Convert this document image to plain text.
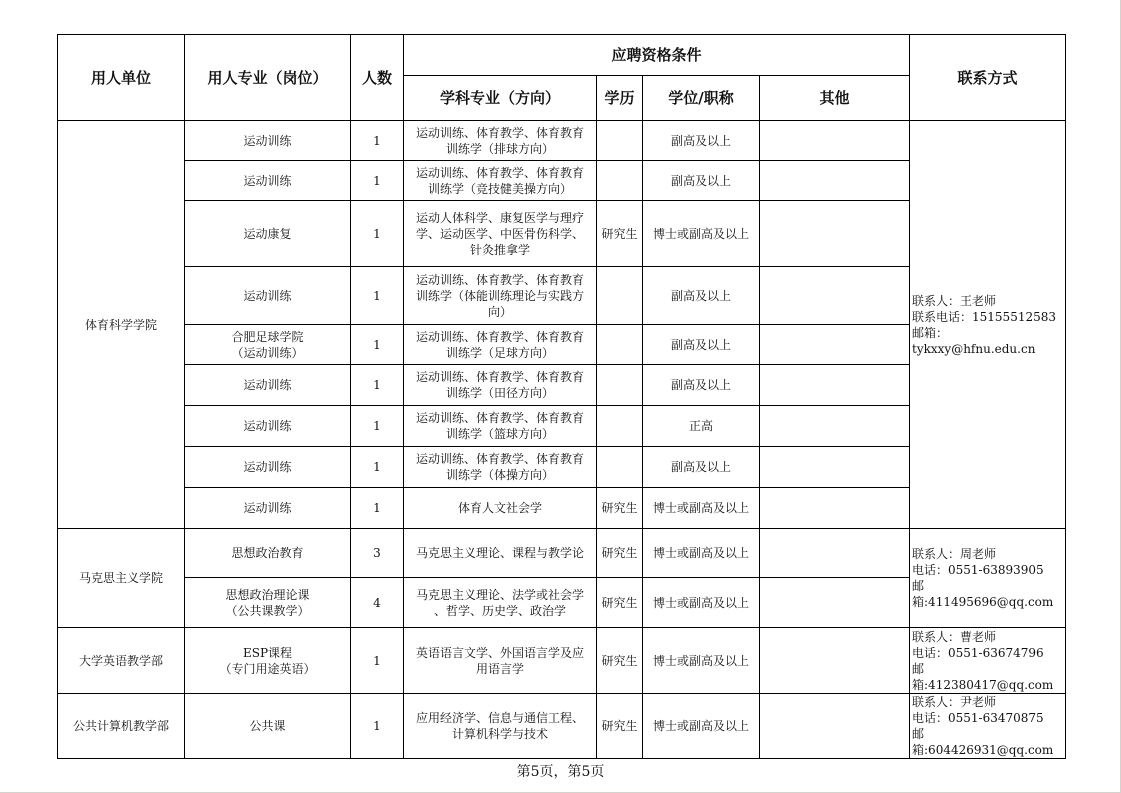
用人单位	用人专业（岗位）	人数	应聘资格条件				联系方式
			学科专业（方向）	学历	学位/职称	其他	
体育科学学院	运动训练	1	运动训练、体育教学、体育教育
训练学（排球方向）		副高及以上		联系人：王老师
联系电话：15155512583
邮箱：tykxxy@hfnu.edu.cn

	运动训练	1	运动训练、体育教学、体育教育
训练学（竞技健美操方向）		副高及以上		

	运动康复	1	运动人体科学、康复医学与理疗
学、运动医学、中医骨伤科学、
针灸推拿学	研究生	博士或副高及以上		

	运动训练	1	运动训练、体育教学、体育教育
训练学（体能训练理论与实践方
向）		副高及以上		

	合肥足球学院
（运动训练）	1	运动训练、体育教学、体育教育
训练学（足球方向）		副高及以上		

	运动训练	1	运动训练、体育教学、体育教育
训练学（田径方向）		副高及以上		

	运动训练	1	运动训练、体育教学、体育教育
训练学（篮球方向）		正高		

	运动训练	1	运动训练、体育教学、体育教育
训练学（体操方向）		副高及以上		

	运动训练	1	体育人文社会学	研究生	博士或副高及以上		
马克思主义学院	思想政治教育	3	马克思主义理论、课程与教学论	研究生	博士或副高及以上		联系人：周老师
电话：0551-63893905
邮箱:411495696@qq.com

	思想政治理论课
（公共课教学）	4	马克思主义理论、法学或社会学
、哲学、历史学、政治学	研究生	博士或副高及以上		
大学英语教学部	ESP课程
（专门用途英语）	1	英语语言文学、外国语言学及应
用语言学	研究生	博士或副高及以上		联系人：曹老师
电话：0551-63674796
邮箱:412380417@qq.com

公共计算机教学部	公共课	1	应用经济学、信息与通信工程、
计算机科学与技术	研究生	博士或副高及以上		联系人：尹老师
电话：0551-63470875
邮箱:604426931@qq.com
第5页，第5页
